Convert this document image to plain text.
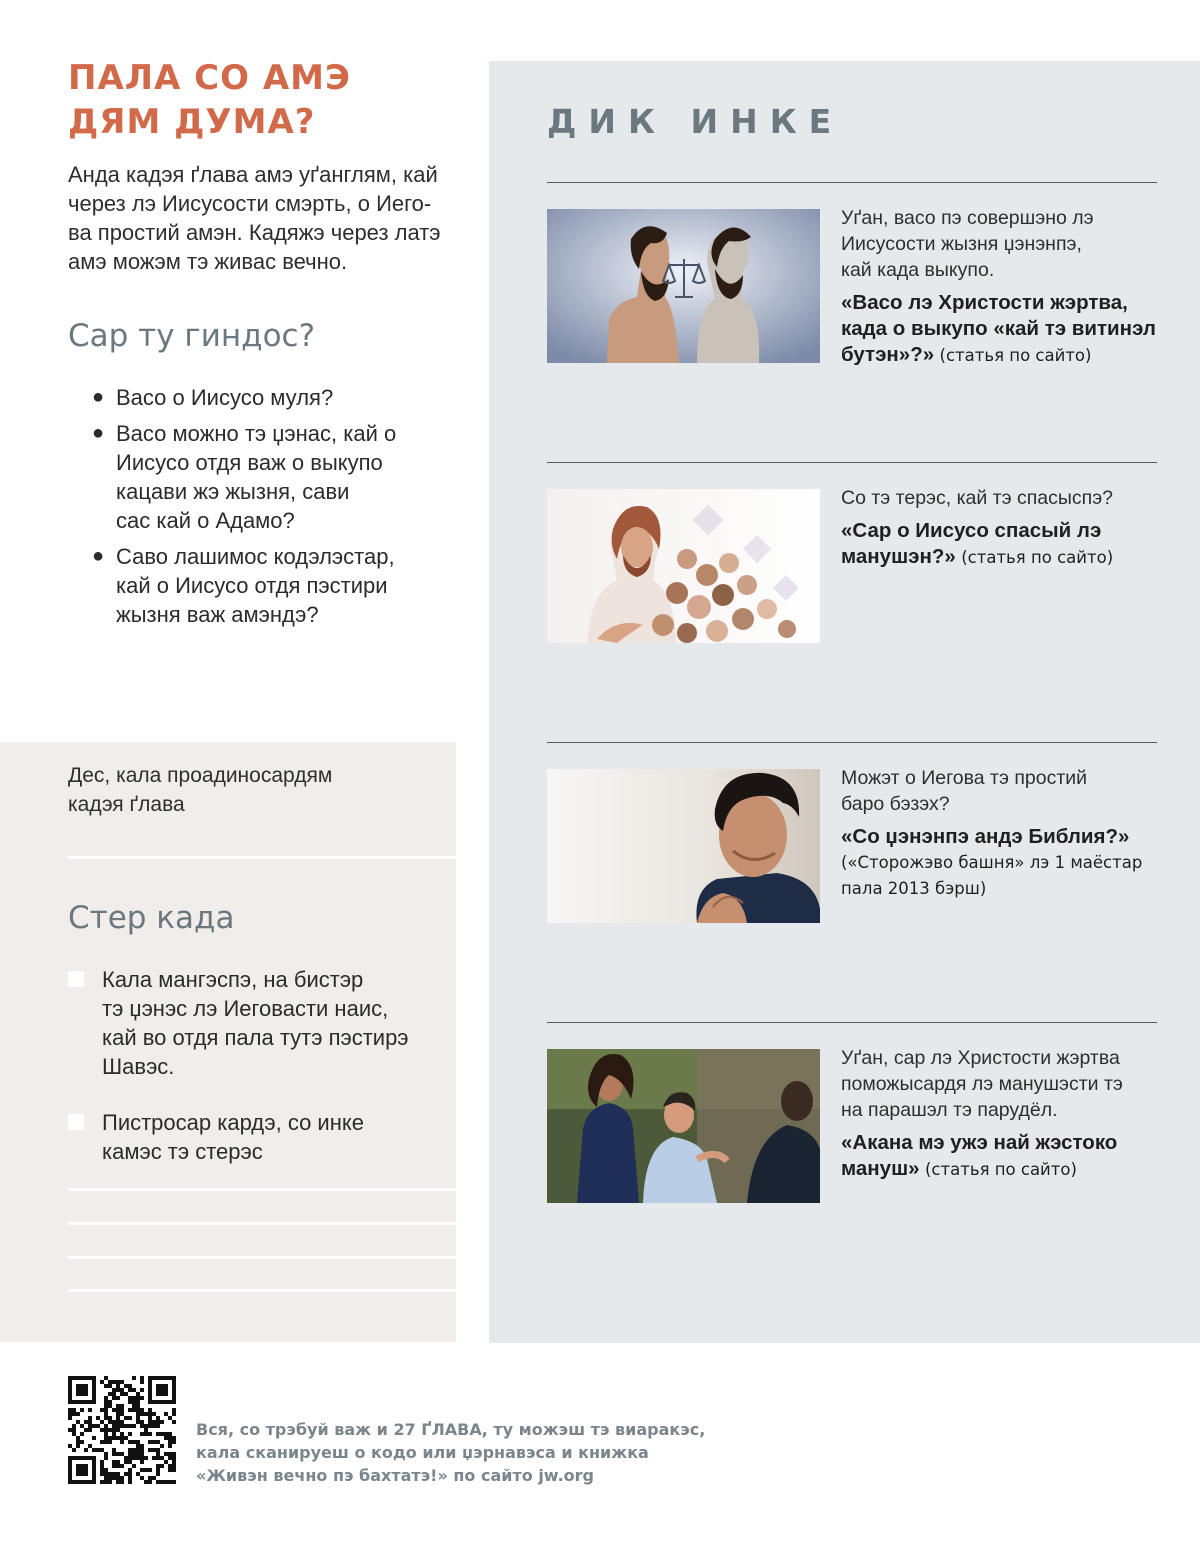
ПАЛА СО АМЭ
ДЯМ ДУМА?

Анда кадэя ґлава амэ уґанглям, кай
через лэ Иисусости смэрть, о Иего-
ва простий амэн. Кадяжэ через латэ
амэ можэм тэ живас вечно.

Сар ту гиндос?
● Васо о Иисусо муля?
● Васо можно тэ џэнас, кай о
Иисусо отдя важ о выкупо
кацави жэ жызня, сави
сас кай о Адамо?
● Саво лашимос кодэлэстар,
кай о Иисусо отдя пэстири
жызня важ амэндэ?
Дес, кала проадиносардям
кадэя ґлава
Стер када
Кала мангэспэ, на бистэр
тэ џэнэс лэ Иеговасти наис,
кай во отдя пала тутэ пэстирэ
Шавэс.
Пистросар кардэ, со инке
камэс тэ стерэс
ДИК ИНКЕ
Уґан, васо пэ совершэно лэ
Иисусости жызня џэнэнпэ,
кай када выкупо.
«Васо лэ Христости жэртва,
када о выкупо «кай тэ витинэл
бутэн»?» (статья по сайто)
Со тэ терэс, кай тэ спасыспэ?
«Сар о Иисусо спасый лэ
манушэн?» (статья по сайто)
Можэт о Иегова тэ простий
баро бэзэх?
«Со џэнэнпэ андэ Библия?»
(«Сторожэво башня» лэ 1 маёстар
пала 2013 бэрш)
Уґан, сар лэ Христости жэртва
поможысардя лэ манушэсти тэ
на парашэл тэ парудёл.
«Акана мэ ужэ най жэстоко
мануш» (статья по сайто)
Вся, со трэбуй важ и 27 ҐЛАВА, ту можэш тэ виаракэс,
кала сканируеш о кодо или џэрнавэса и книжка
«Живэн вечно пэ бахтатэ!» по сайто jw.org
